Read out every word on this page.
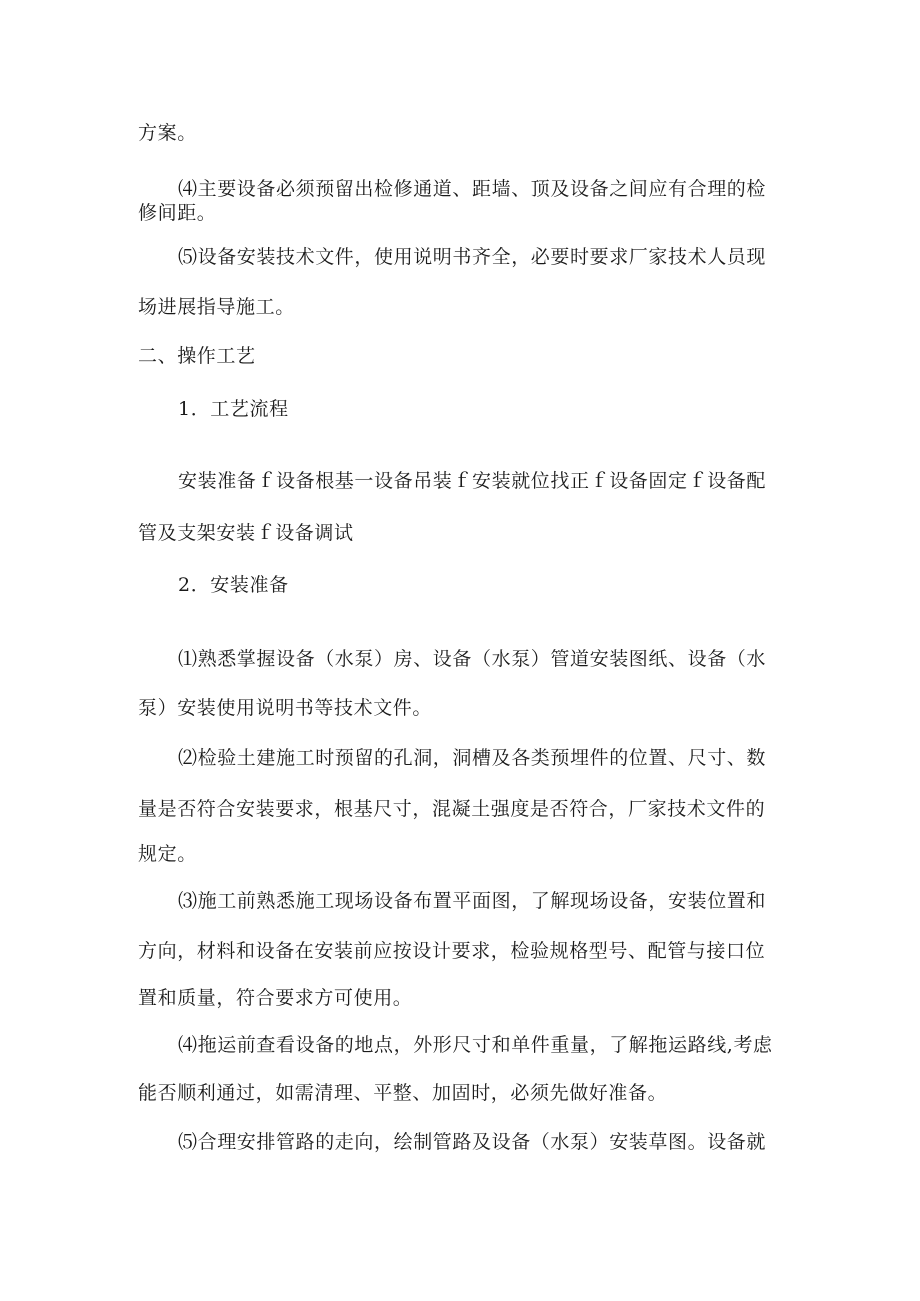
方案。
⑷主要设备必须预留出检修通道、距墙、顶及设备之间应有合理的检
修间距。
⑸设备安装技术文件，使用说明书齐全，必要时要求厂家技术人员现
场进展指导施工。
二、操作工艺
1．工艺流程
安装准备ｆ设备根基一设备吊装ｆ安装就位找正ｆ设备固定ｆ设备配
管及支架安装ｆ设备调试
2．安装准备
⑴熟悉掌握设备（水泵）房、设备（水泵）管道安装图纸、设备（水
泵）安装使用说明书等技术文件。
⑵检验土建施工时预留的孔洞，洞槽及各类预埋件的位置、尺寸、数
量是否符合安装要求，根基尺寸，混凝土强度是否符合，厂家技术文件的
规定。
⑶施工前熟悉施工现场设备布置平面图，了解现场设备，安装位置和
方向，材料和设备在安装前应按设计要求，检验规格型号、配管与接口位
置和质量，符合要求方可使用。
⑷拖运前查看设备的地点，外形尺寸和单件重量，了解拖运路线,考虑
能否顺利通过，如需清理、平整、加固时，必须先做好准备。
⑸合理安排管路的走向，绘制管路及设备（水泵）安装草图。设备就
